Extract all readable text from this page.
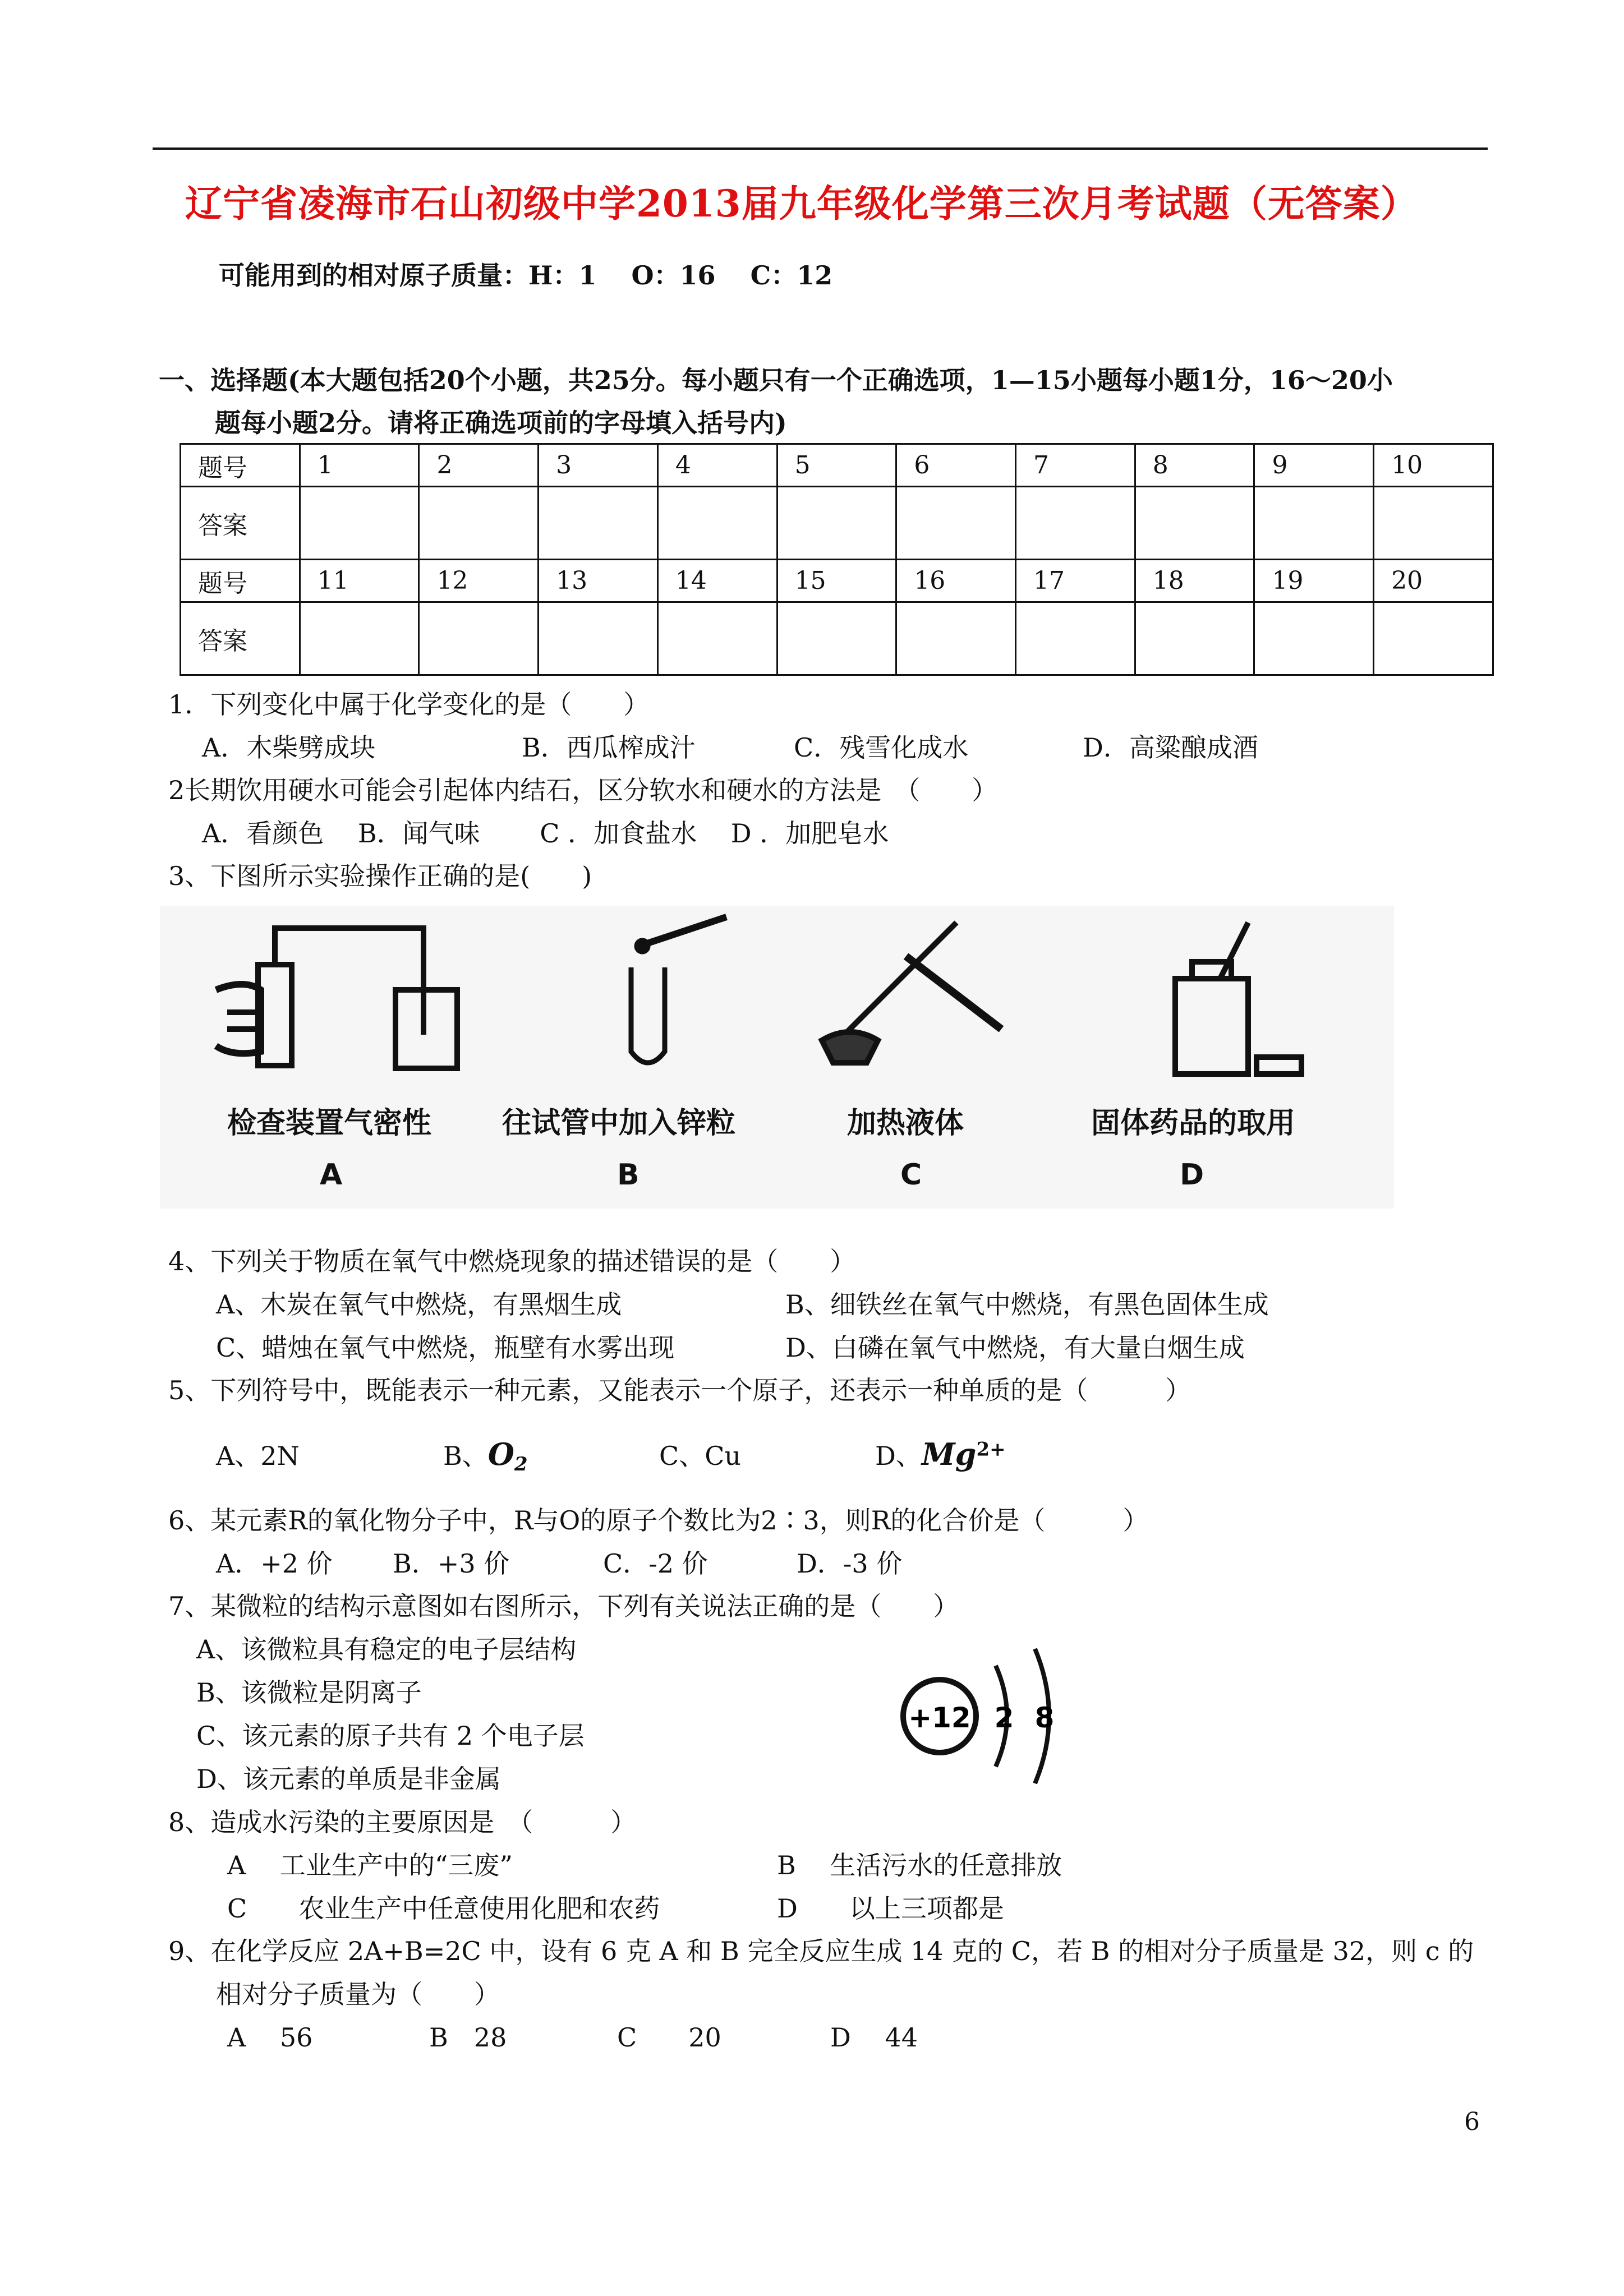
辽宁省凌海市石山初级中学2013届九年级化学第三次月考试题（无答案）
可能用到的相对原子质量：H：1　 O：16　 C：12
一、选择题(本大题包括20个小题，共25分。每小题只有一个正确选项，1—15小题每小题1分，16～20小
题每小题2分。请将正确选项前的字母填入括号内)
题号	1	2	3	4	5	6	7	8	9	10
答案										
题号	11	12	13	14	15	16	17	18	19	20
答案										
1．下列变化中属于化学变化的是（　　）
A．木柴劈成块	B．西瓜榨成汁	C．残雪化成水	D．高粱酿成酒
2长期饮用硬水可能会引起体内结石，区分软水和硬水的方法是　（　　）
A．看颜色　 B．闻气味　　 C ．加食盐水　 D ．加肥皂水
3、下图所示实验操作正确的是(　　)
检查装置气密性 往试管中加入锌粒	加热液体	固体药品的取用
A	B	C	D
4、下列关于物质在氧气中燃烧现象的描述错误的是（　　）
A、木炭在氧气中燃烧，有黑烟生成	B、细铁丝在氧气中燃烧，有黑色固体生成
C、蜡烛在氧气中燃烧，瓶壁有水雾出现	D、白磷在氧气中燃烧，有大量白烟生成
5、下列符号中，既能表示一种元素，又能表示一个原子，还表示一种单质的是（　　　）
A、2N	B、$O_2$	C、Cu	D、$Mg^{2+}$
6、某元素R的氧化物分子中，R与O的原子个数比为2∶3，则R的化合价是（　　　）
A．+2 价 B．+3 价	C．-2 价	D．-3 价
7、某微粒的结构示意图如右图所示，下列有关说法正确的是（　　）
A、该微粒具有稳定的电子层结构
B、该微粒是阴离子
C、该元素的原子共有 2 个电子层
D、该元素的单质是非金属
+12 2 8
8、造成水污染的主要原因是　（　　　）
A　 工业生产中的“三废”	B　 生活污水的任意排放
C　　农业生产中任意使用化肥和农药	D　　以上三项都是
9、在化学反应 2A+B=2C 中，设有 6 克 A 和 B 完全反应生成 14 克的 C，若 B 的相对分子质量是 32，则 c 的
相对分子质量为（　　）
A　 56	B　28	C　　20	D　 44
6
